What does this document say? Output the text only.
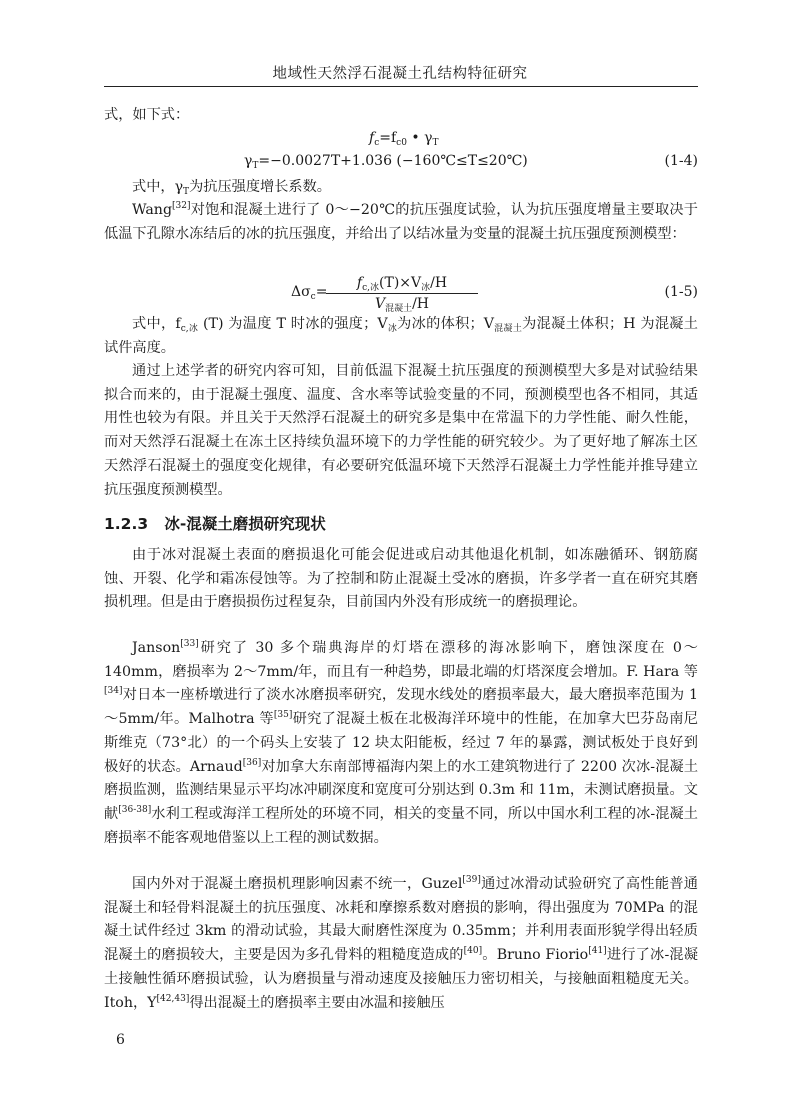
地域性天然浮石混凝土孔结构特征研究

式，如下式：

$f_c=f_{c0}$ • $\gamma_T$
$\gamma_T=-0.0027T+1.036$ (−160℃≤T≤20℃)	(1-4)

式中，$\gamma_T$为抗压强度增长系数。

Wang[32]对饱和混凝土进行了 0～−20℃的抗压强度试验，认为抗压强度增量主要取决于低温下孔隙水冻结后的冰的抗压强度，并给出了以结冰量为变量的混凝土抗压强度预测模型：

$\Delta\sigma_c=$
$f_{c,冰}(T)\times V_冰/H$
$V_{混凝土}/H$
(1-5)

式中，$f_{c,冰}$ (T) 为温度 T 时冰的强度；$V_冰$为冰的体积；$V_{混凝土}$为混凝土体积；H 为混凝土试件高度。

通过上述学者的研究内容可知，目前低温下混凝土抗压强度的预测模型大多是对试验结果拟合而来的，由于混凝土强度、温度、含水率等试验变量的不同，预测模型也各不相同，其适用性也较为有限。并且关于天然浮石混凝土的研究多是集中在常温下的力学性能、耐久性能，而对天然浮石混凝土在冻土区持续负温环境下的力学性能的研究较少。为了更好地了解冻土区天然浮石混凝土的强度变化规律，有必要研究低温环境下天然浮石混凝土力学性能并推导建立抗压强度预测模型。

1.2.3 冰-混凝土磨损研究现状

由于冰对混凝土表面的磨损退化可能会促进或启动其他退化机制，如冻融循环、钢筋腐蚀、开裂、化学和霜冻侵蚀等。为了控制和防止混凝土受冰的磨损，许多学者一直在研究其磨损机理。但是由于磨损损伤过程复杂，目前国内外没有形成统一的磨损理论。

Janson[33]研究了 30 多个瑞典海岸的灯塔在漂移的海冰影响下，磨蚀深度在 0～140mm，磨损率为 2～7mm/年，而且有一种趋势，即最北端的灯塔深度会增加。F. Hara 等[34]对日本一座桥墩进行了淡水冰磨损率研究，发现水线处的磨损率最大，最大磨损率范围为 1～5mm/年。Malhotra 等[35]研究了混凝土板在北极海洋环境中的性能，在加拿大巴芬岛南尼斯维克（73°北）的一个码头上安装了 12 块太阳能板，经过 7 年的暴露，测试板处于良好到极好的状态。Arnaud[36]对加拿大东南部博福海内架上的水工建筑物进行了 2200 次冰-混凝土磨损监测，监测结果显示平均冰冲刷深度和宽度可分别达到 0.3m 和 11m，未测试磨损量。文献[36-38]水利工程或海洋工程所处的环境不同，相关的变量不同，所以中国水利工程的冰-混凝土磨损率不能客观地借鉴以上工程的测试数据。

国内外对于混凝土磨损机理影响因素不统一，Guzel[39]通过冰滑动试验研究了高性能普通混凝土和轻骨料混凝土的抗压强度、冰耗和摩擦系数对磨损的影响，得出强度为 70MPa 的混凝土试件经过 3km 的滑动试验，其最大耐磨性深度为 0.35mm；并利用表面形貌学得出轻质混凝土的磨损较大，主要是因为多孔骨料的粗糙度造成的[40]。Bruno Fiorio[41]进行了冰-混凝土接触性循环磨损试验，认为磨损量与滑动速度及接触压力密切相关，与接触面粗糙度无关。Itoh，Y[42,43]得出混凝土的磨损率主要由冰温和接触压

6
